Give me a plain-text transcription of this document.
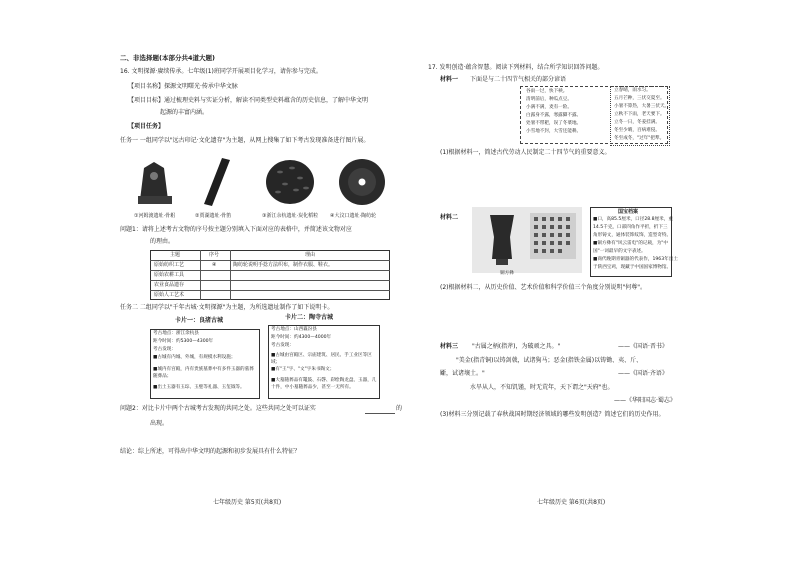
二、非选择题(本部分共4道大题)
16. 文明探源·赓续传承。七年级(1)班同学开展项目化学习，请你参与完成。
【项目名称】探源文明曙光·传承中华文脉
【项目目标】通过梳理史料与实证分析，解读不同类型史料蕴含的历史信息，了解中华文明
起源的丰富内涵。
【项目任务】
任务一 一组同学以"远古印记·文化遗存"为主题，从网上搜集了如下考古发现准备进行图片展。
①河姆渡遗址·骨耜	②贾湖遗址·骨笛	③浙江余杭遗址·炭化稻粒 ④大汶口遗址·陶纺轮
问题1：请将上述考古文物的序号按主题分别填入下面对应的表格中，并简述该文物对应
的理由。
主题	序号	理由
原始纺织工艺	④	陶纺轮说明手捻方法织布，制作衣服、鞋衣。
原始农耕工具
农业食品遗存
原始人工艺术
任务二 二组同学以"千年古城·文明探源"为主题，为所选遗址制作了如下说明卡。
卡片一：良渚古城
考古地点：浙江余杭县
距今时间：约5300—4300年
考古发现：
■古城有内城、外城，有规模水利设施；
■城内有宫殿，内有贵族墓葬中有多件玉器的墓葬随葬品；
■出土玉器有玉琮、玉璧等礼器、玉玺钺等。
卡片二：陶寺古城
考古地点：山西襄汾县
距今时间：约4300—4000年
考古发现：
■古城由宫殿区、宗庙建筑、居民、手工业区等区域；
■有"王"字、"文"字朱书陶文；
■大墓随葬品有鼍鼓、石磬、彩绘陶龙盘、玉器，几十件，中小墓随葬品少，甚至一无所有。
问题2：对比卡片中两个古城考古发现的共同之处。这些共同之处可以证实	的
出现。
结论：综上所述，可得出中华文明的起源和初步发展具有什么特征？
七年级历史 第5页(共8页)
17. 发明创造·蕴含智慧。阅读下列材料，结合所学知识回答问题。
材料一 下面是与二十四节气相关的部分谚语
谷雨一过，快下秧。
清明前后，种瓜点豆。
小满不满，麦有一险。
白露身不露，寒露脚不露。
处暑不带耙，误了冬菜地。
小雪地不封，大雪还能耕。
立春晴，雨水匀。
五月芒种，三伏交夏至。
小暑不算热，大暑三伏天。
立秋不下雨，老天要下。
立冬一日，冬姜挂满。
冬至少晴，百病难侵。
冬至成冬，"过年"把犁。
(1)根据材料一，简述古代劳动人民制定二十四节气的重要意义。
材料二
铜方彝
国宝档案
■口，高85.5厘米，口径28.8厘米，重
14.5千克，口部四角作平折，折下三
角形铸文，通体装饰纹饰，造型奇特。
■铜方彝有"风云雷电"的记载，为"中
国"一词最早的文字表述。
■商代晚期青铜器的代表作，1963年出土
于陕西宝鸡，现藏于中国国家博物馆。
(2)根据材料二，从历史价值、艺术价值和科学价值三个角度分别说明"何尊"。
材料三 "古属之柄(指斧)，为破顽之具。"	——《国语·晋书》
"美金(指青铜)以铸剑戟，试诸狗马；恶金(指铁金属)以铸锄、夷、斤、
斸，试诸壤土。"	——《国语·齐语》
水旱从人，不知饥馑，时无荒年，天下谓之"天府"也。
——《华阳国志·蜀志》
(3)材料三分别记载了春秋战国时期经济领域的哪些发明创造？简述它们的历史作用。
七年级历史 第6页(共8页)
